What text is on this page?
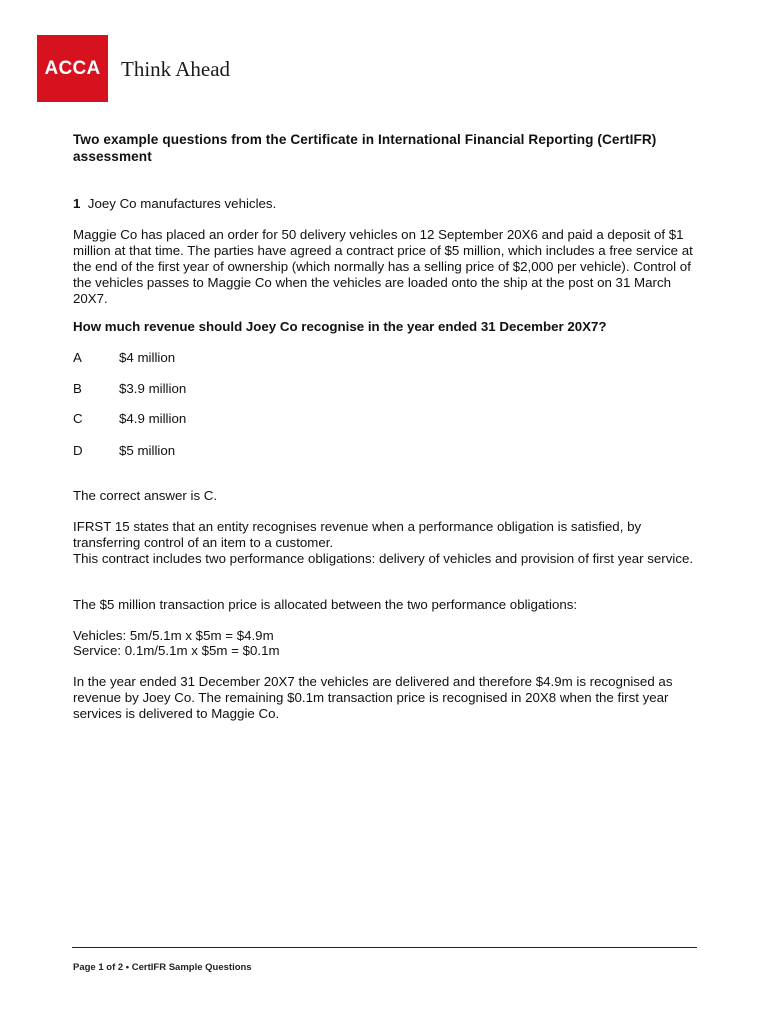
ACCA Think Ahead
Two example questions from the Certificate in International Financial Reporting (CertIFR) assessment

1 Joey Co manufactures vehicles.

Maggie Co has placed an order for 50 delivery vehicles on 12 September 20X6 and paid a deposit of $1 million at that time. The parties have agreed a contract price of $5 million, which includes a free service at the end of the first year of ownership (which normally has a selling price of $2,000 per vehicle). Control of the vehicles passes to Maggie Co when the vehicles are loaded onto the ship at the post on 31 March 20X7.

How much revenue should Joey Co recognise in the year ended 31 December 20X7?

A	$4 million
B	$3.9 million
C	$4.9 million
D	$5 million

The correct answer is C.

IFRST 15 states that an entity recognises revenue when a performance obligation is satisfied, by transferring control of an item to a customer.

This contract includes two performance obligations: delivery of vehicles and provision of first year service.

The $5 million transaction price is allocated between the two performance obligations:

Vehicles: 5m/5.1m x $5m = $4.9m

Service: 0.1m/5.1m x $5m = $0.1m

In the year ended 31 December 20X7 the vehicles are delivered and therefore $4.9m is recognised as revenue by Joey Co. The remaining $0.1m transaction price is recognised in 20X8 when the first year services is delivered to Maggie Co.

Page 1 of 2 • CertIFR Sample Questions
